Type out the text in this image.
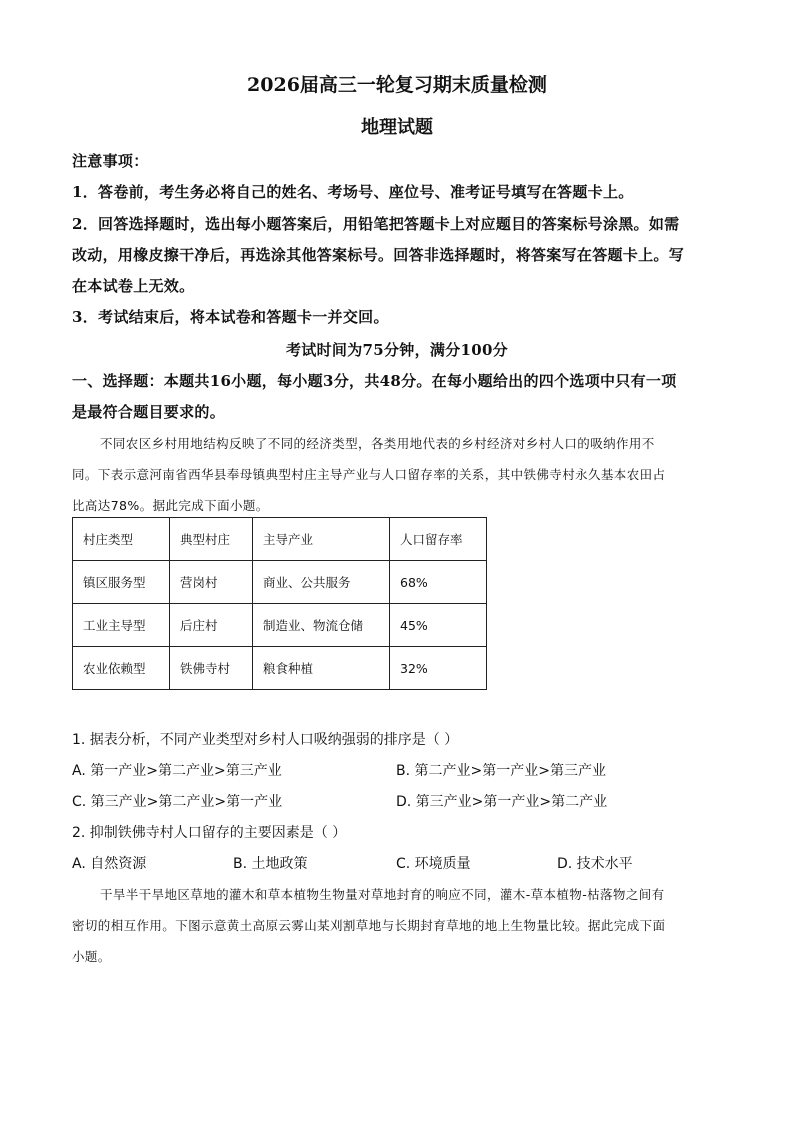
2026届高三一轮复习期末质量检测
地理试题
注意事项：
1．答卷前，考生务必将自己的姓名、考场号、座位号、准考证号填写在答题卡上。
2．回答选择题时，选出每小题答案后，用铅笔把答题卡上对应题目的答案标号涂黑。如需
改动，用橡皮擦干净后，再选涂其他答案标号。回答非选择题时，将答案写在答题卡上。写
在本试卷上无效。
3．考试结束后，将本试卷和答题卡一并交回。
考试时间为75分钟，满分100分
一、选择题：本题共16小题，每小题3分，共48分。在每小题给出的四个选项中只有一项
是最符合题目要求的。
不同农区乡村用地结构反映了不同的经济类型，各类用地代表的乡村经济对乡村人口的吸纳作用不
同。下表示意河南省西华县奉母镇典型村庄主导产业与人口留存率的关系，其中铁佛寺村永久基本农田占
比高达78%。据此完成下面小题。
村庄类型	典型村庄	主导产业	人口留存率
镇区服务型	营岗村	商业、公共服务	68%
工业主导型	后庄村	制造业、物流仓储	45%
农业依赖型	铁佛寺村	粮食种植	32%
1. 据表分析，不同产业类型对乡村人口吸纳强弱的排序是（ ）
A. 第一产业>第二产业>第三产业	B. 第二产业>第一产业>第三产业
C. 第三产业>第二产业>第一产业	D. 第三产业>第一产业>第二产业
2. 抑制铁佛寺村人口留存的主要因素是（ ）
A. 自然资源	B. 土地政策	C. 环境质量	D. 技术水平
干旱半干旱地区草地的灌木和草本植物生物量对草地封育的响应不同，灌木-草本植物-枯落物之间有
密切的相互作用。下图示意黄土高原云雾山某刈割草地与长期封育草地的地上生物量比较。据此完成下面
小题。
